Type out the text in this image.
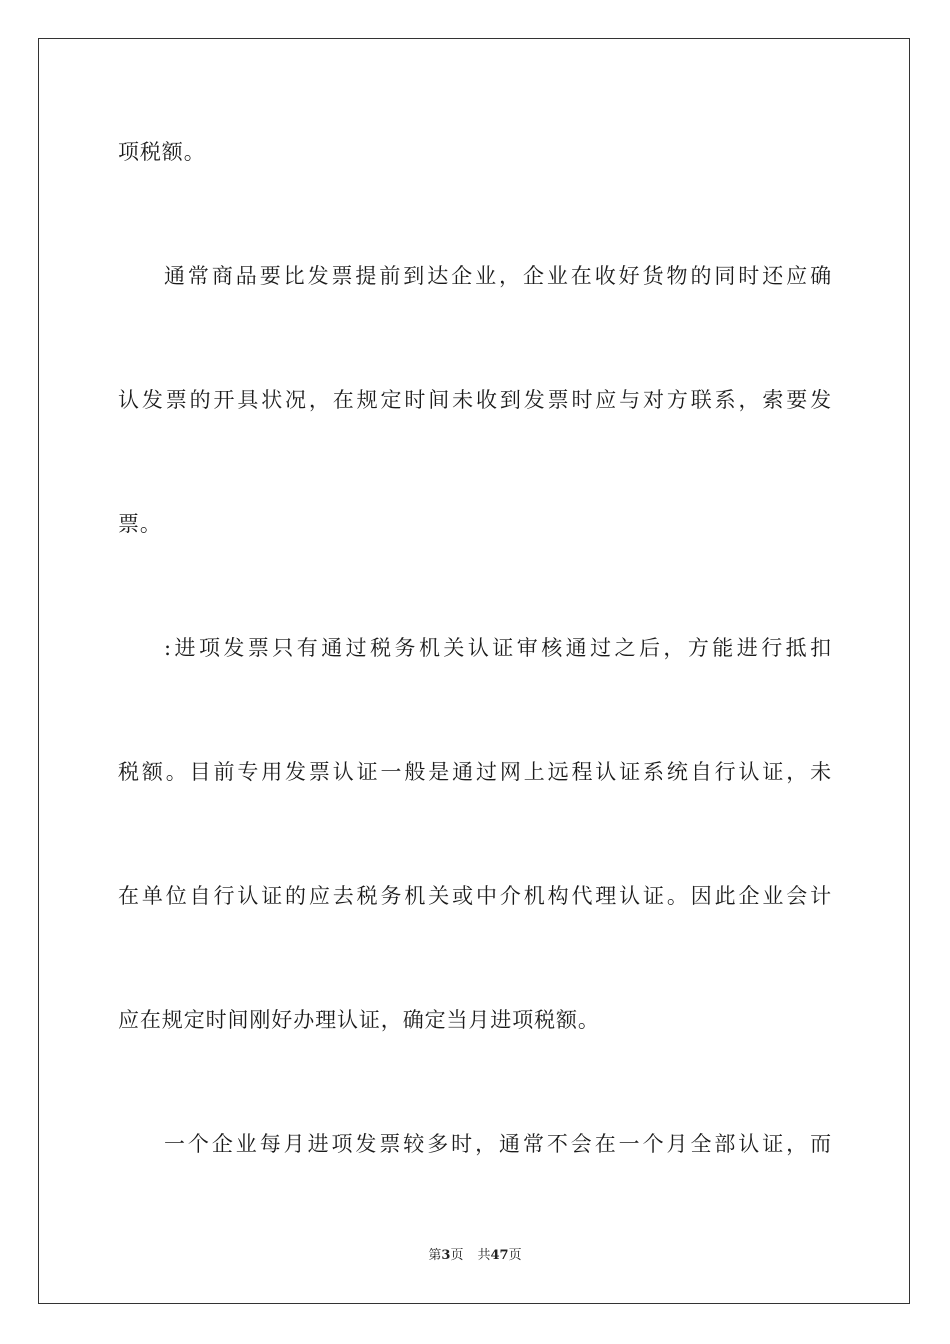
项税额。
通常商品要比发票提前到达企业，企业在收好货物的同时还应确
认发票的开具状况，在规定时间未收到发票时应与对方联系，索要发
票。
:进项发票只有通过税务机关认证审核通过之后，方能进行抵扣
税额。目前专用发票认证一般是通过网上远程认证系统自行认证，未
在单位自行认证的应去税务机关或中介机构代理认证。因此企业会计
应在规定时间刚好办理认证，确定当月进项税额。
一个企业每月进项发票较多时，通常不会在一个月全部认证，而
第3页 共47页
